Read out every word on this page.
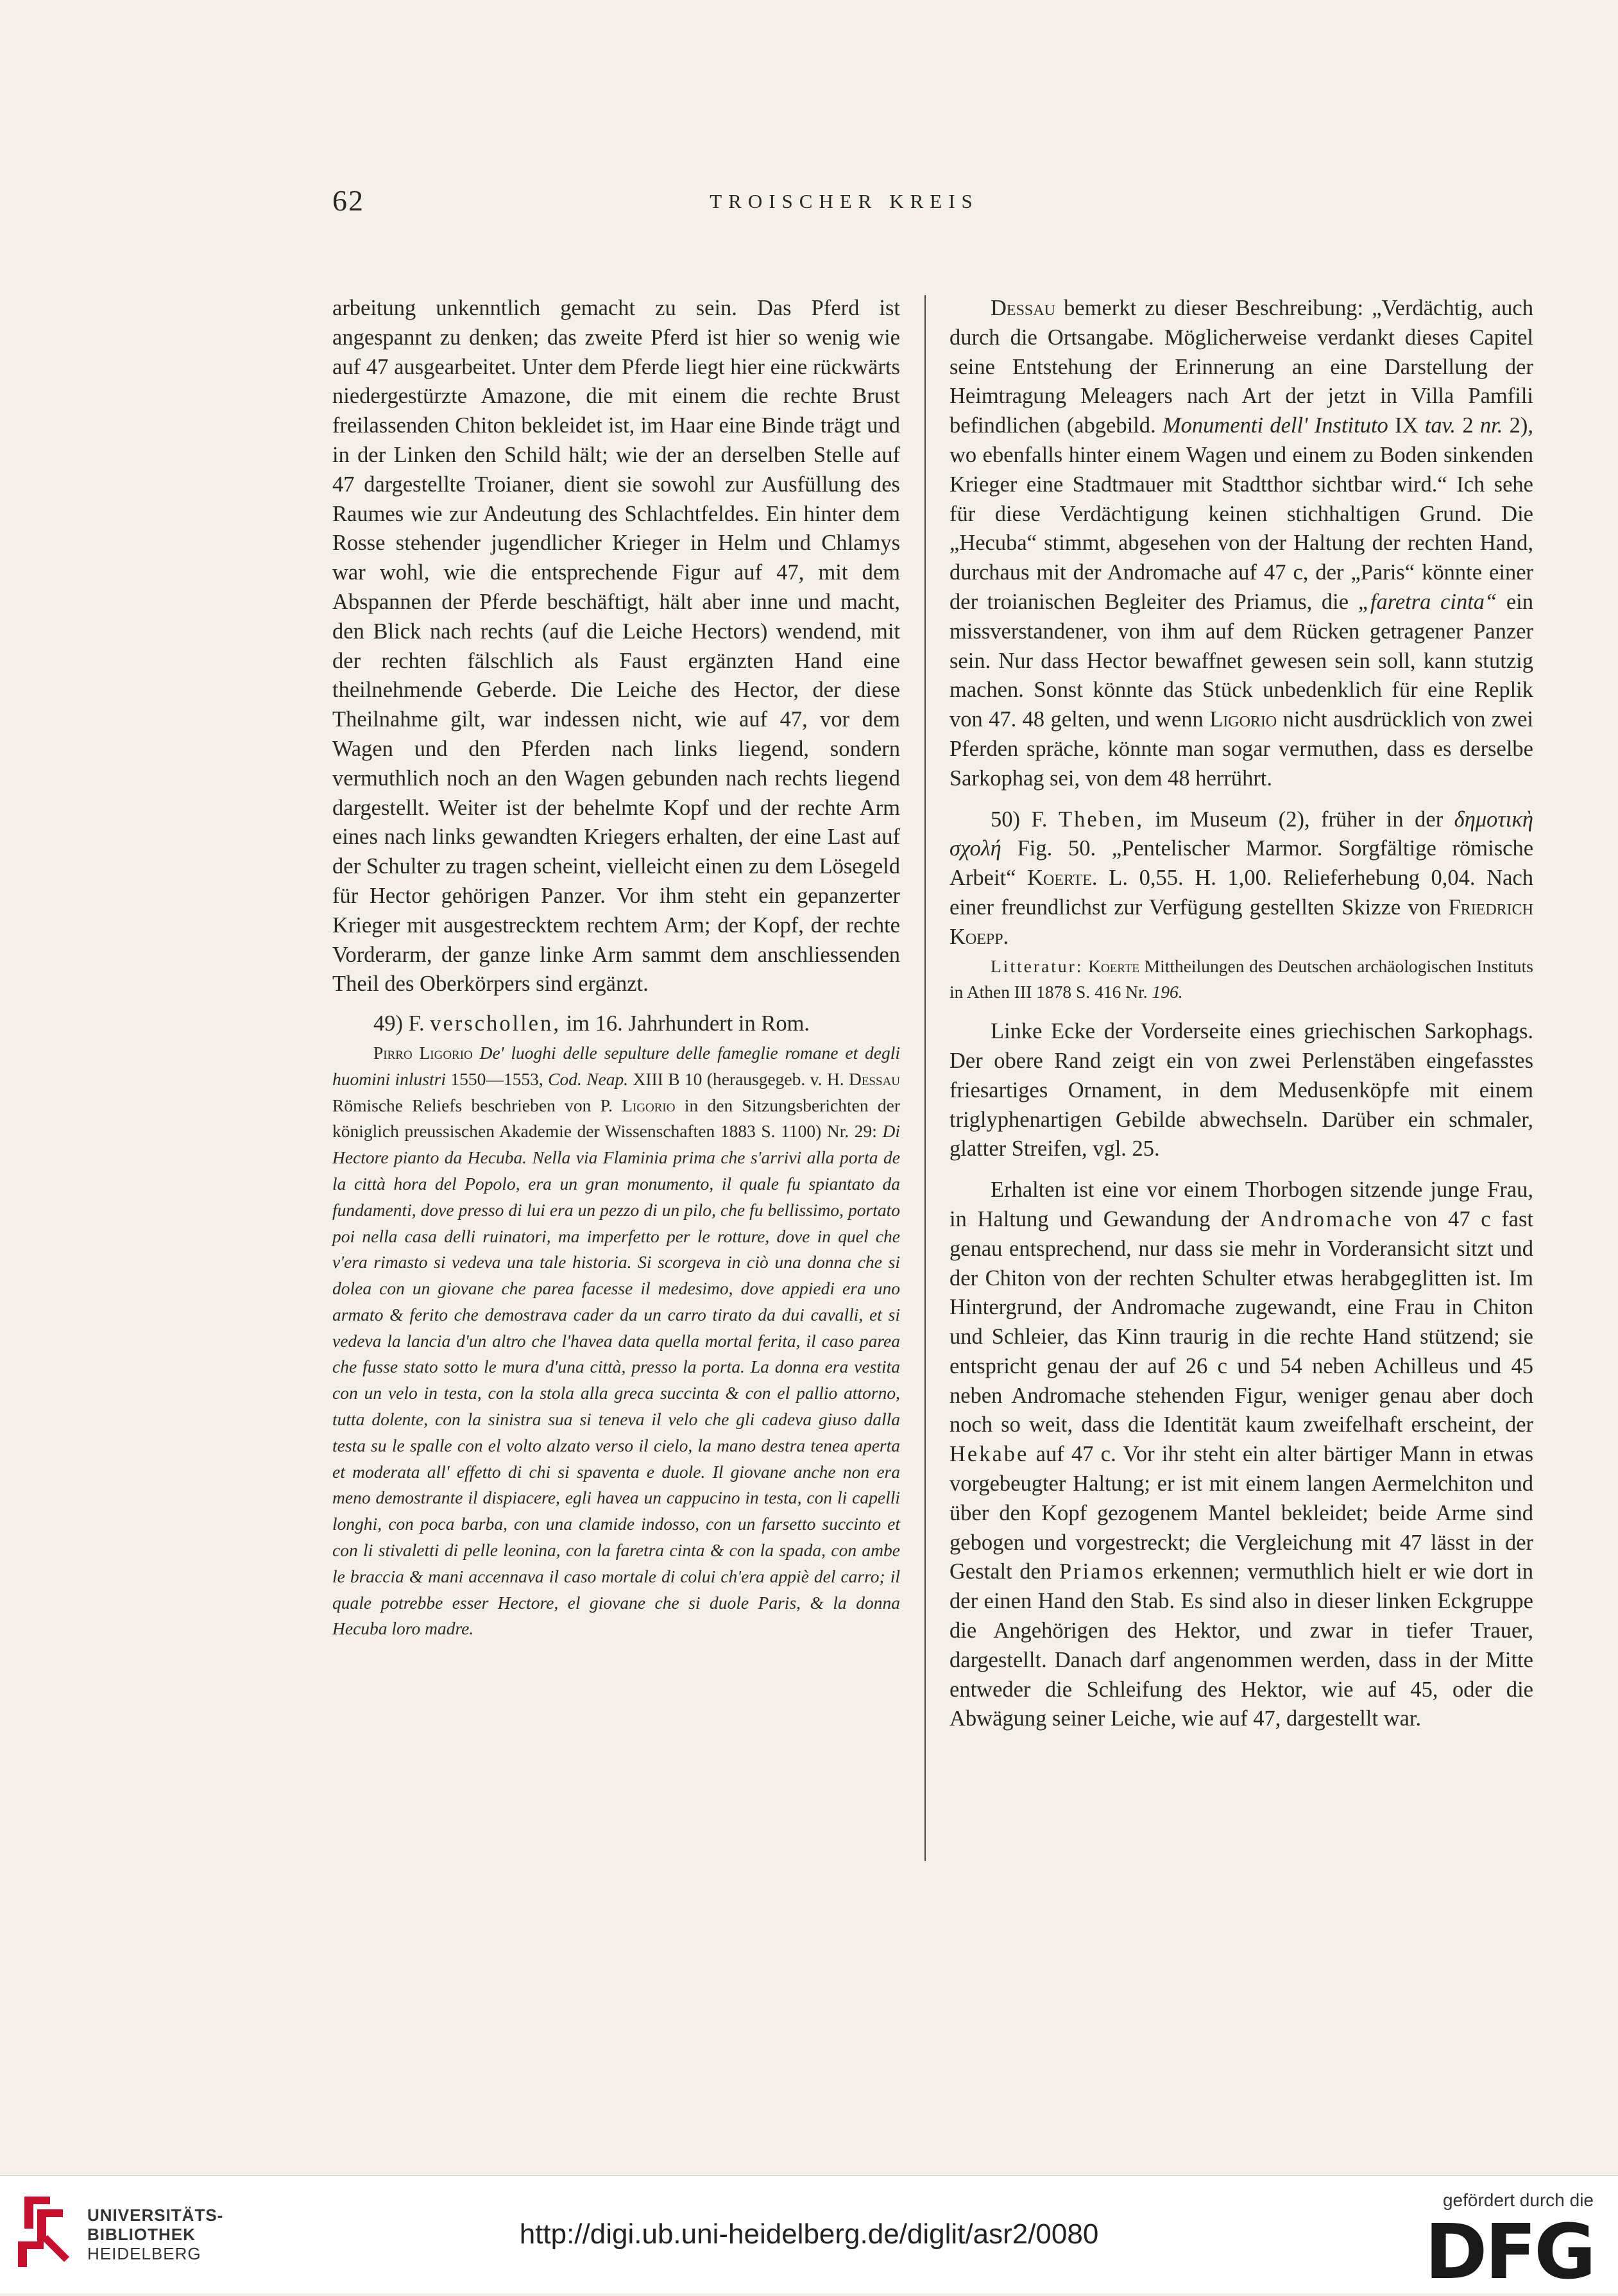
62	TROISCHER KREIS

arbeitung unkenntlich gemacht zu sein. Das Pferd ist angespannt zu denken; das zweite Pferd ist hier so wenig wie auf 47 ausgearbeitet. Unter dem Pferde liegt hier eine rückwärts niedergestürzte Amazone, die mit einem die rechte Brust freilassenden Chiton bekleidet ist, im Haar eine Binde trägt und in der Linken den Schild hält; wie der an derselben Stelle auf 47 dargestellte Troianer, dient sie sowohl zur Ausfüllung des Raumes wie zur Andeutung des Schlachtfeldes. Ein hinter dem Rosse stehender jugendlicher Krieger in Helm und Chlamys war wohl, wie die entsprechende Figur auf 47, mit dem Abspannen der Pferde beschäftigt, hält aber inne und macht, den Blick nach rechts (auf die Leiche Hectors) wendend, mit der rechten fälschlich als Faust ergänzten Hand eine theilnehmende Geberde. Die Leiche des Hector, der diese Theilnahme gilt, war indessen nicht, wie auf 47, vor dem Wagen und den Pferden nach links liegend, sondern vermuthlich noch an den Wagen gebunden nach rechts liegend dargestellt. Weiter ist der behelmte Kopf und der rechte Arm eines nach links gewandten Kriegers erhalten, der eine Last auf der Schulter zu tragen scheint, vielleicht einen zu dem Lösegeld für Hector gehörigen Panzer. Vor ihm steht ein gepanzerter Krieger mit ausgestrecktem rechtem Arm; der Kopf, der rechte Vorderarm, der ganze linke Arm sammt dem anschliessenden Theil des Oberkörpers sind ergänzt.

49) F. verschollen, im 16. Jahrhundert in Rom.

Pirro Ligorio De' luoghi delle sepulture delle fameglie romane et degli huomini inlustri 1550—1553, Cod. Neap. XIII B 10 (herausgegeb. v. H. Dessau Römische Reliefs beschrieben von P. Ligorio in den Sitzungsberichten der königlich preussischen Akademie der Wissenschaften 1883 S. 1100) Nr. 29: Di Hectore pianto da Hecuba. Nella via Flaminia prima che s'arrivi alla porta de la città hora del Popolo, era un gran monumento, il quale fu spiantato da fundamenti, dove presso di lui era un pezzo di un pilo, che fu bellissimo, portato poi nella casa delli ruinatori, ma imperfetto per le rotture, dove in quel che v'era rimasto si vedeva una tale historia. Si scorgeva in ciò una donna che si dolea con un giovane che parea facesse il medesimo, dove appiedi era uno armato & ferito che demostrava cader da un carro tirato da dui cavalli, et si vedeva la lancia d'un altro che l'havea data quella mortal ferita, il caso parea che fusse stato sotto le mura d'una città, presso la porta. La donna era vestita con un velo in testa, con la stola alla greca succinta & con el pallio attorno, tutta dolente, con la sinistra sua si teneva il velo che gli cadeva giuso dalla testa su le spalle con el volto alzato verso il cielo, la mano destra tenea aperta et moderata all' effetto di chi si spaventa e duole. Il giovane anche non era meno demostrante il dispiacere, egli havea un cappucino in testa, con li capelli longhi, con poca barba, con una clamide indosso, con un farsetto succinto et con li stivaletti di pelle leonina, con la faretra cinta & con la spada, con ambe le braccia & mani accennava il caso mortale di colui ch'era appiè del carro; il quale potrebbe esser Hectore, el giovane che si duole Paris, & la donna Hecuba loro madre.

Dessau bemerkt zu dieser Beschreibung: „Verdächtig, auch durch die Ortsangabe. Möglicherweise verdankt dieses Capitel seine Entstehung der Erinnerung an eine Darstellung der Heimtragung Meleagers nach Art der jetzt in Villa Pamfili befindlichen (abgebild. Monumenti dell' Instituto IX tav. 2 nr. 2), wo ebenfalls hinter einem Wagen und einem zu Boden sinkenden Krieger eine Stadtmauer mit Stadtthor sichtbar wird.“ Ich sehe für diese Verdächtigung keinen stichhaltigen Grund. Die „Hecuba“ stimmt, abgesehen von der Haltung der rechten Hand, durchaus mit der Andromache auf 47 c, der „Paris“ könnte einer der troianischen Begleiter des Priamus, die „faretra cinta“ ein missverstandener, von ihm auf dem Rücken getragener Panzer sein. Nur dass Hector bewaffnet gewesen sein soll, kann stutzig machen. Sonst könnte das Stück unbedenklich für eine Replik von 47. 48 gelten, und wenn Ligorio nicht ausdrücklich von zwei Pferden spräche, könnte man sogar vermuthen, dass es derselbe Sarkophag sei, von dem 48 herrührt.

50) F. Theben, im Museum (2), früher in der δημοτικὴ σχολή Fig. 50. „Pentelischer Marmor. Sorgfältige römische Arbeit“ Koerte. L. 0,55. H. 1,00. Relieferhebung 0,04. Nach einer freundlichst zur Verfügung gestellten Skizze von Friedrich Koepp.

Litteratur: Koerte Mittheilungen des Deutschen archäologischen Instituts in Athen III 1878 S. 416 Nr. 196.

Linke Ecke der Vorderseite eines griechischen Sarkophags. Der obere Rand zeigt ein von zwei Perlenstäben eingefasstes friesartiges Ornament, in dem Medusenköpfe mit einem triglyphenartigen Gebilde abwechseln. Darüber ein schmaler, glatter Streifen, vgl. 25.

Erhalten ist eine vor einem Thorbogen sitzende junge Frau, in Haltung und Gewandung der Andromache von 47 c fast genau entsprechend, nur dass sie mehr in Vorderansicht sitzt und der Chiton von der rechten Schulter etwas herabgeglitten ist. Im Hintergrund, der Andromache zugewandt, eine Frau in Chiton und Schleier, das Kinn traurig in die rechte Hand stützend; sie entspricht genau der auf 26 c und 54 neben Achilleus und 45 neben Andromache stehenden Figur, weniger genau aber doch noch so weit, dass die Identität kaum zweifelhaft erscheint, der Hekabe auf 47 c. Vor ihr steht ein alter bärtiger Mann in etwas vorgebeugter Haltung; er ist mit einem langen Aermelchiton und über den Kopf gezogenem Mantel bekleidet; beide Arme sind gebogen und vorgestreckt; die Vergleichung mit 47 lässt in der Gestalt den Priamos erkennen; vermuthlich hielt er wie dort in der einen Hand den Stab. Es sind also in dieser linken Eckgruppe die Angehörigen des Hektor, und zwar in tiefer Trauer, dargestellt. Danach darf angenommen werden, dass in der Mitte entweder die Schleifung des Hektor, wie auf 45, oder die Abwägung seiner Leiche, wie auf 47, dargestellt war.

UNIVERSITÄTS-
BIBLIOTHEK
HEIDELBERG
http://digi.ub.uni-heidelberg.de/diglit/asr2/0080
gefördert durch die
DFG
